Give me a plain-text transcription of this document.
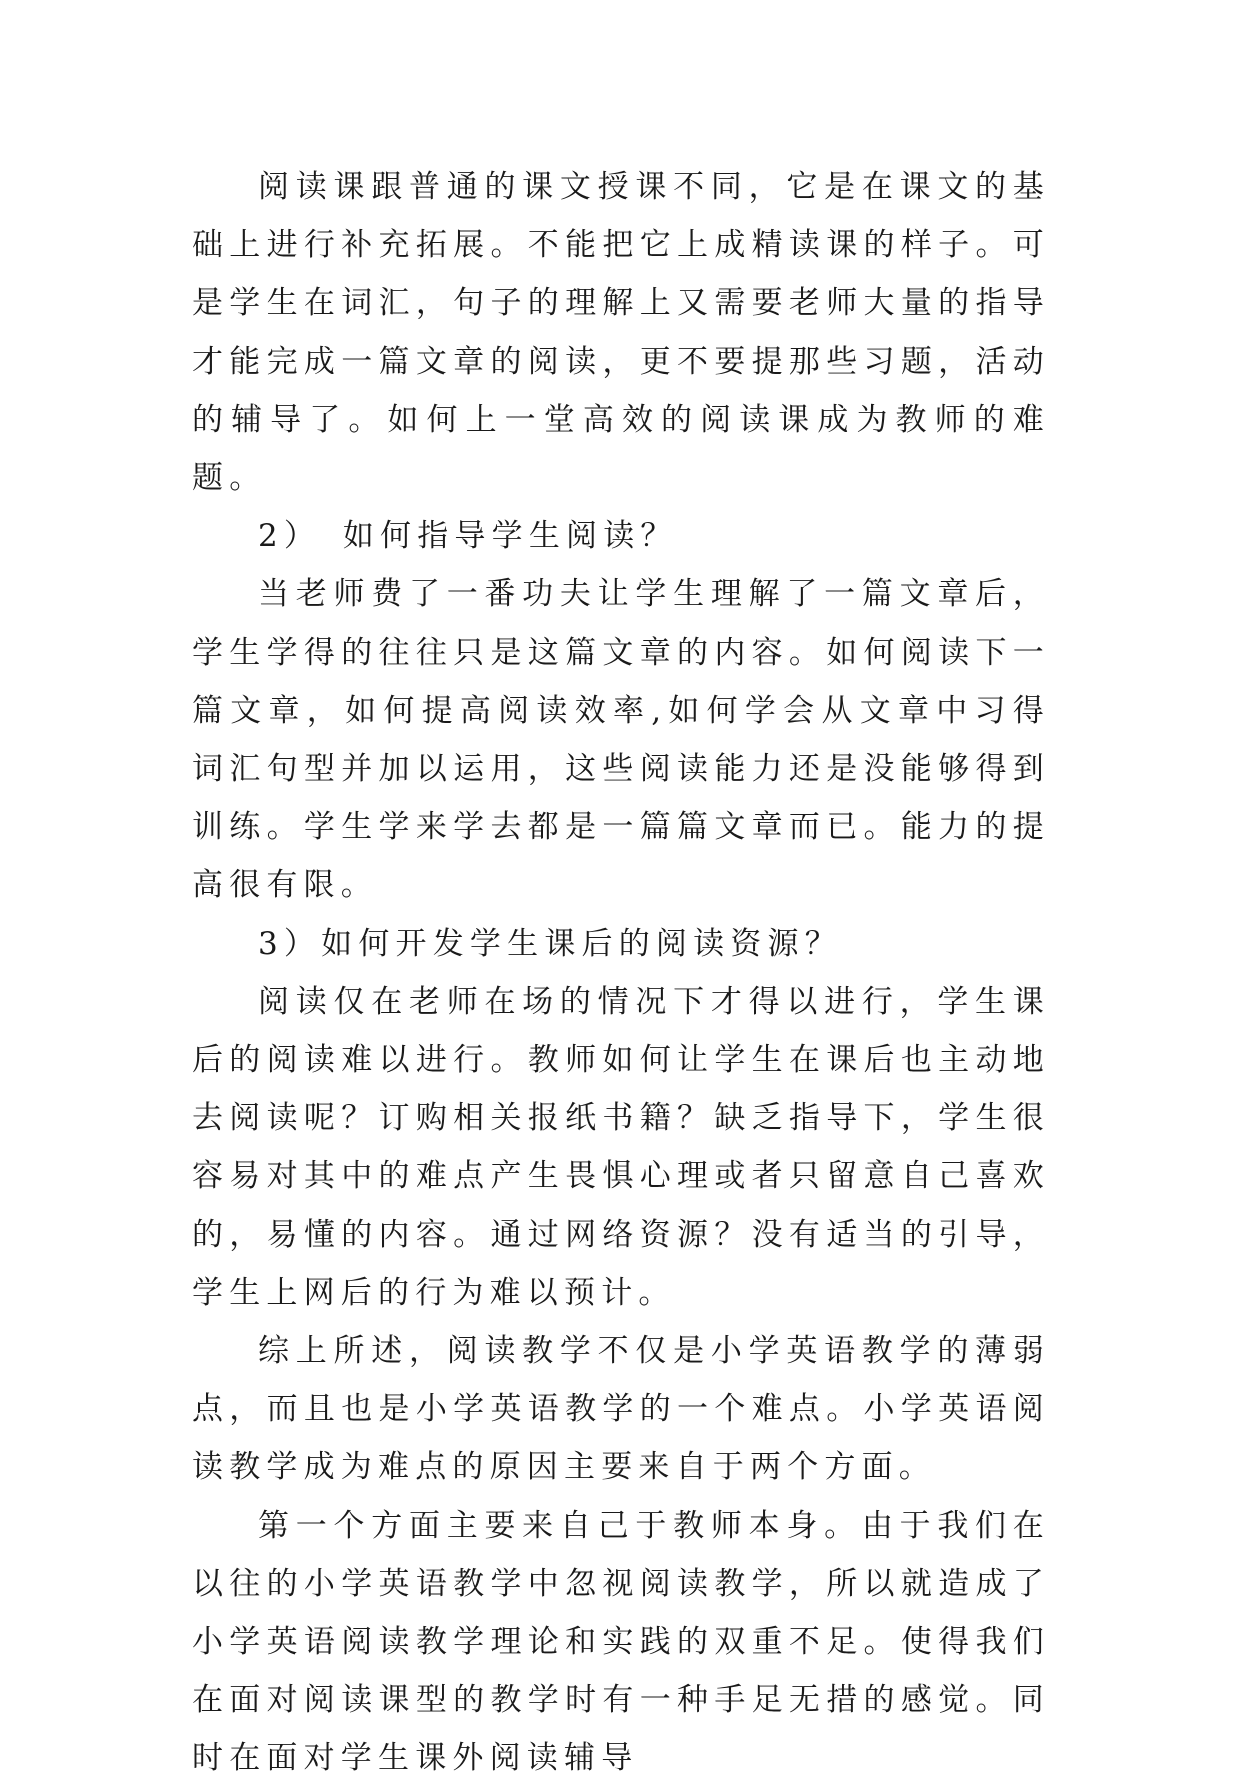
阅读课跟普通的课文授课不同，它是在课文的基础上进行补充拓展。不能把它上成精读课的样子。可是学生在词汇，句子的理解上又需要老师大量的指导才能完成一篇文章的阅读，更不要提那些习题，活动的辅导了。如何上一堂高效的阅读课成为教师的难题。

2）　如何指导学生阅读？

当老师费了一番功夫让学生理解了一篇文章后，学生学得的往往只是这篇文章的内容。如何阅读下一篇文章，如何提高阅读效率,如何学会从文章中习得词汇句型并加以运用，这些阅读能力还是没能够得到训练。学生学来学去都是一篇篇文章而已。能力的提高很有限。

3）如何开发学生课后的阅读资源？

阅读仅在老师在场的情况下才得以进行，学生课后的阅读难以进行。教师如何让学生在课后也主动地去阅读呢？订购相关报纸书籍？缺乏指导下，学生很容易对其中的难点产生畏惧心理或者只留意自己喜欢的，易懂的内容。通过网络资源？没有适当的引导，学生上网后的行为难以预计。

综上所述，阅读教学不仅是小学英语教学的薄弱点，而且也是小学英语教学的一个难点。小学英语阅读教学成为难点的原因主要来自于两个方面。

第一个方面主要来自己于教师本身。由于我们在以往的小学英语教学中忽视阅读教学，所以就造成了小学英语阅读教学理论和实践的双重不足。使得我们在面对阅读课型的教学时有一种手足无措的感觉。同时在面对学生课外阅读辅导
